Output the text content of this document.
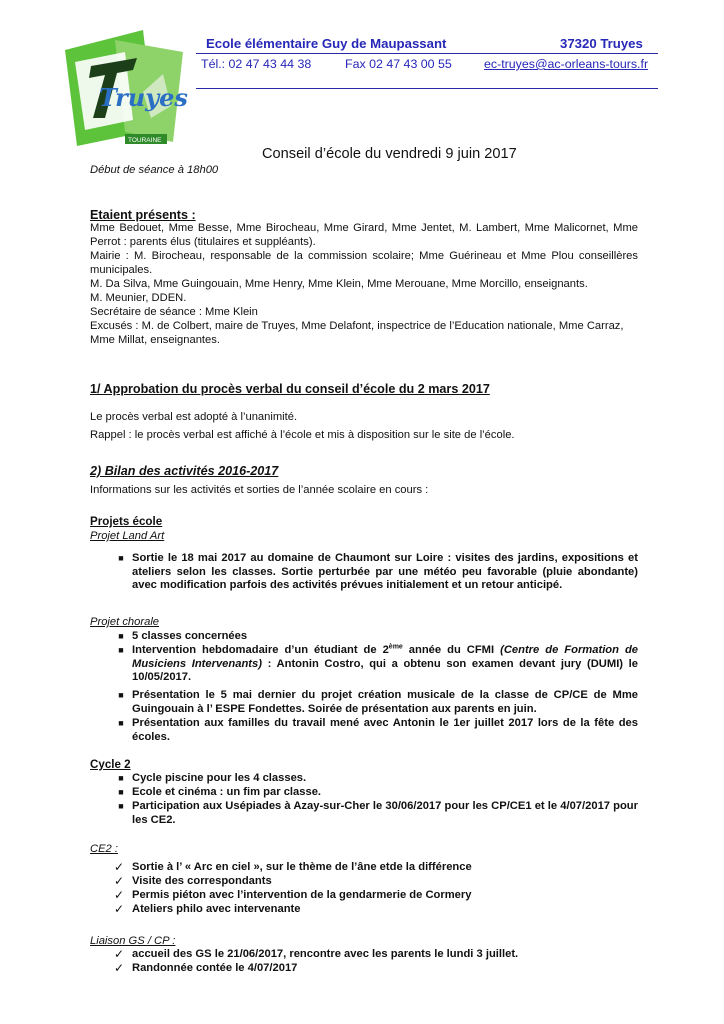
Truyes
TOURAINE
Ecole élémentaire Guy de Maupassant	37320 Truyes
Tél.: 02 47 43 44 38	Fax 02 47 43 00 55	ec-truyes@ac-orleans-tours.fr
Conseil d’école du vendredi 9 juin 2017
Début de séance à 18h00
Etaient présents :
Mme Bedouet, Mme Besse, Mme Birocheau, Mme Girard, Mme Jentet, M. Lambert, Mme Malicornet, Mme Perrot : parents élus (titulaires et suppléants).
Mairie : M. Birocheau, responsable de la commission scolaire; Mme Guérineau et Mme Plou conseillères municipales.
M. Da Silva, Mme Guingouain, Mme Henry, Mme Klein, Mme Merouane, Mme Morcillo, enseignants.
M. Meunier, DDEN.
Secrétaire de séance : Mme Klein
Excusés : M. de Colbert, maire de Truyes, Mme Delafont, inspectrice de l’Education nationale, Mme Carraz, Mme Millat, enseignantes.
1/ Approbation du procès verbal du conseil d’école du 2 mars 2017
Le procès verbal est adopté à l’unanimité.
Rappel : le procès verbal est affiché à l’école et mis à disposition sur le site de l’école.
2) Bilan des activités 2016-2017
Informations sur les activités et sorties de l’année scolaire en cours :
Projets école
Projet Land Art
■ Sortie le 18 mai 2017 au domaine de Chaumont sur Loire : visites des jardins, expositions et ateliers selon les classes. Sortie perturbée par une météo peu favorable (pluie abondante) avec modification parfois des activités prévues initialement et un retour anticipé.
Projet chorale
■ 5 classes concernées
■ Intervention hebdomadaire d’un étudiant de 2ème année du CFMI (Centre de Formation de Musiciens Intervenants) : Antonin Costro, qui a obtenu son examen devant jury (DUMI) le 10/05/2017.
■ Présentation le 5 mai dernier du projet création musicale de la classe de CP/CE de Mme Guingouain à l’ ESPE Fondettes. Soirée de présentation aux parents en juin.
■ Présentation aux familles du travail mené avec Antonin le 1er juillet 2017 lors de la fête des écoles.
Cycle 2
■ Cycle piscine pour les 4 classes.
■ Ecole et cinéma : un fim par classe.
■ Participation aux Usépiades à Azay-sur-Cher le 30/06/2017 pour les CP/CE1 et le 4/07/2017 pour les CE2.
CE2 :
✓ Sortie à l’ « Arc en ciel », sur le thème de l’âne etde la différence
✓ Visite des correspondants
✓ Permis piéton avec l’intervention de la gendarmerie de Cormery
✓ Ateliers philo avec intervenante
Liaison GS / CP :
✓ accueil des GS le 21/06/2017, rencontre avec les parents le lundi 3 juillet.
✓ Randonnée contée le 4/07/2017
